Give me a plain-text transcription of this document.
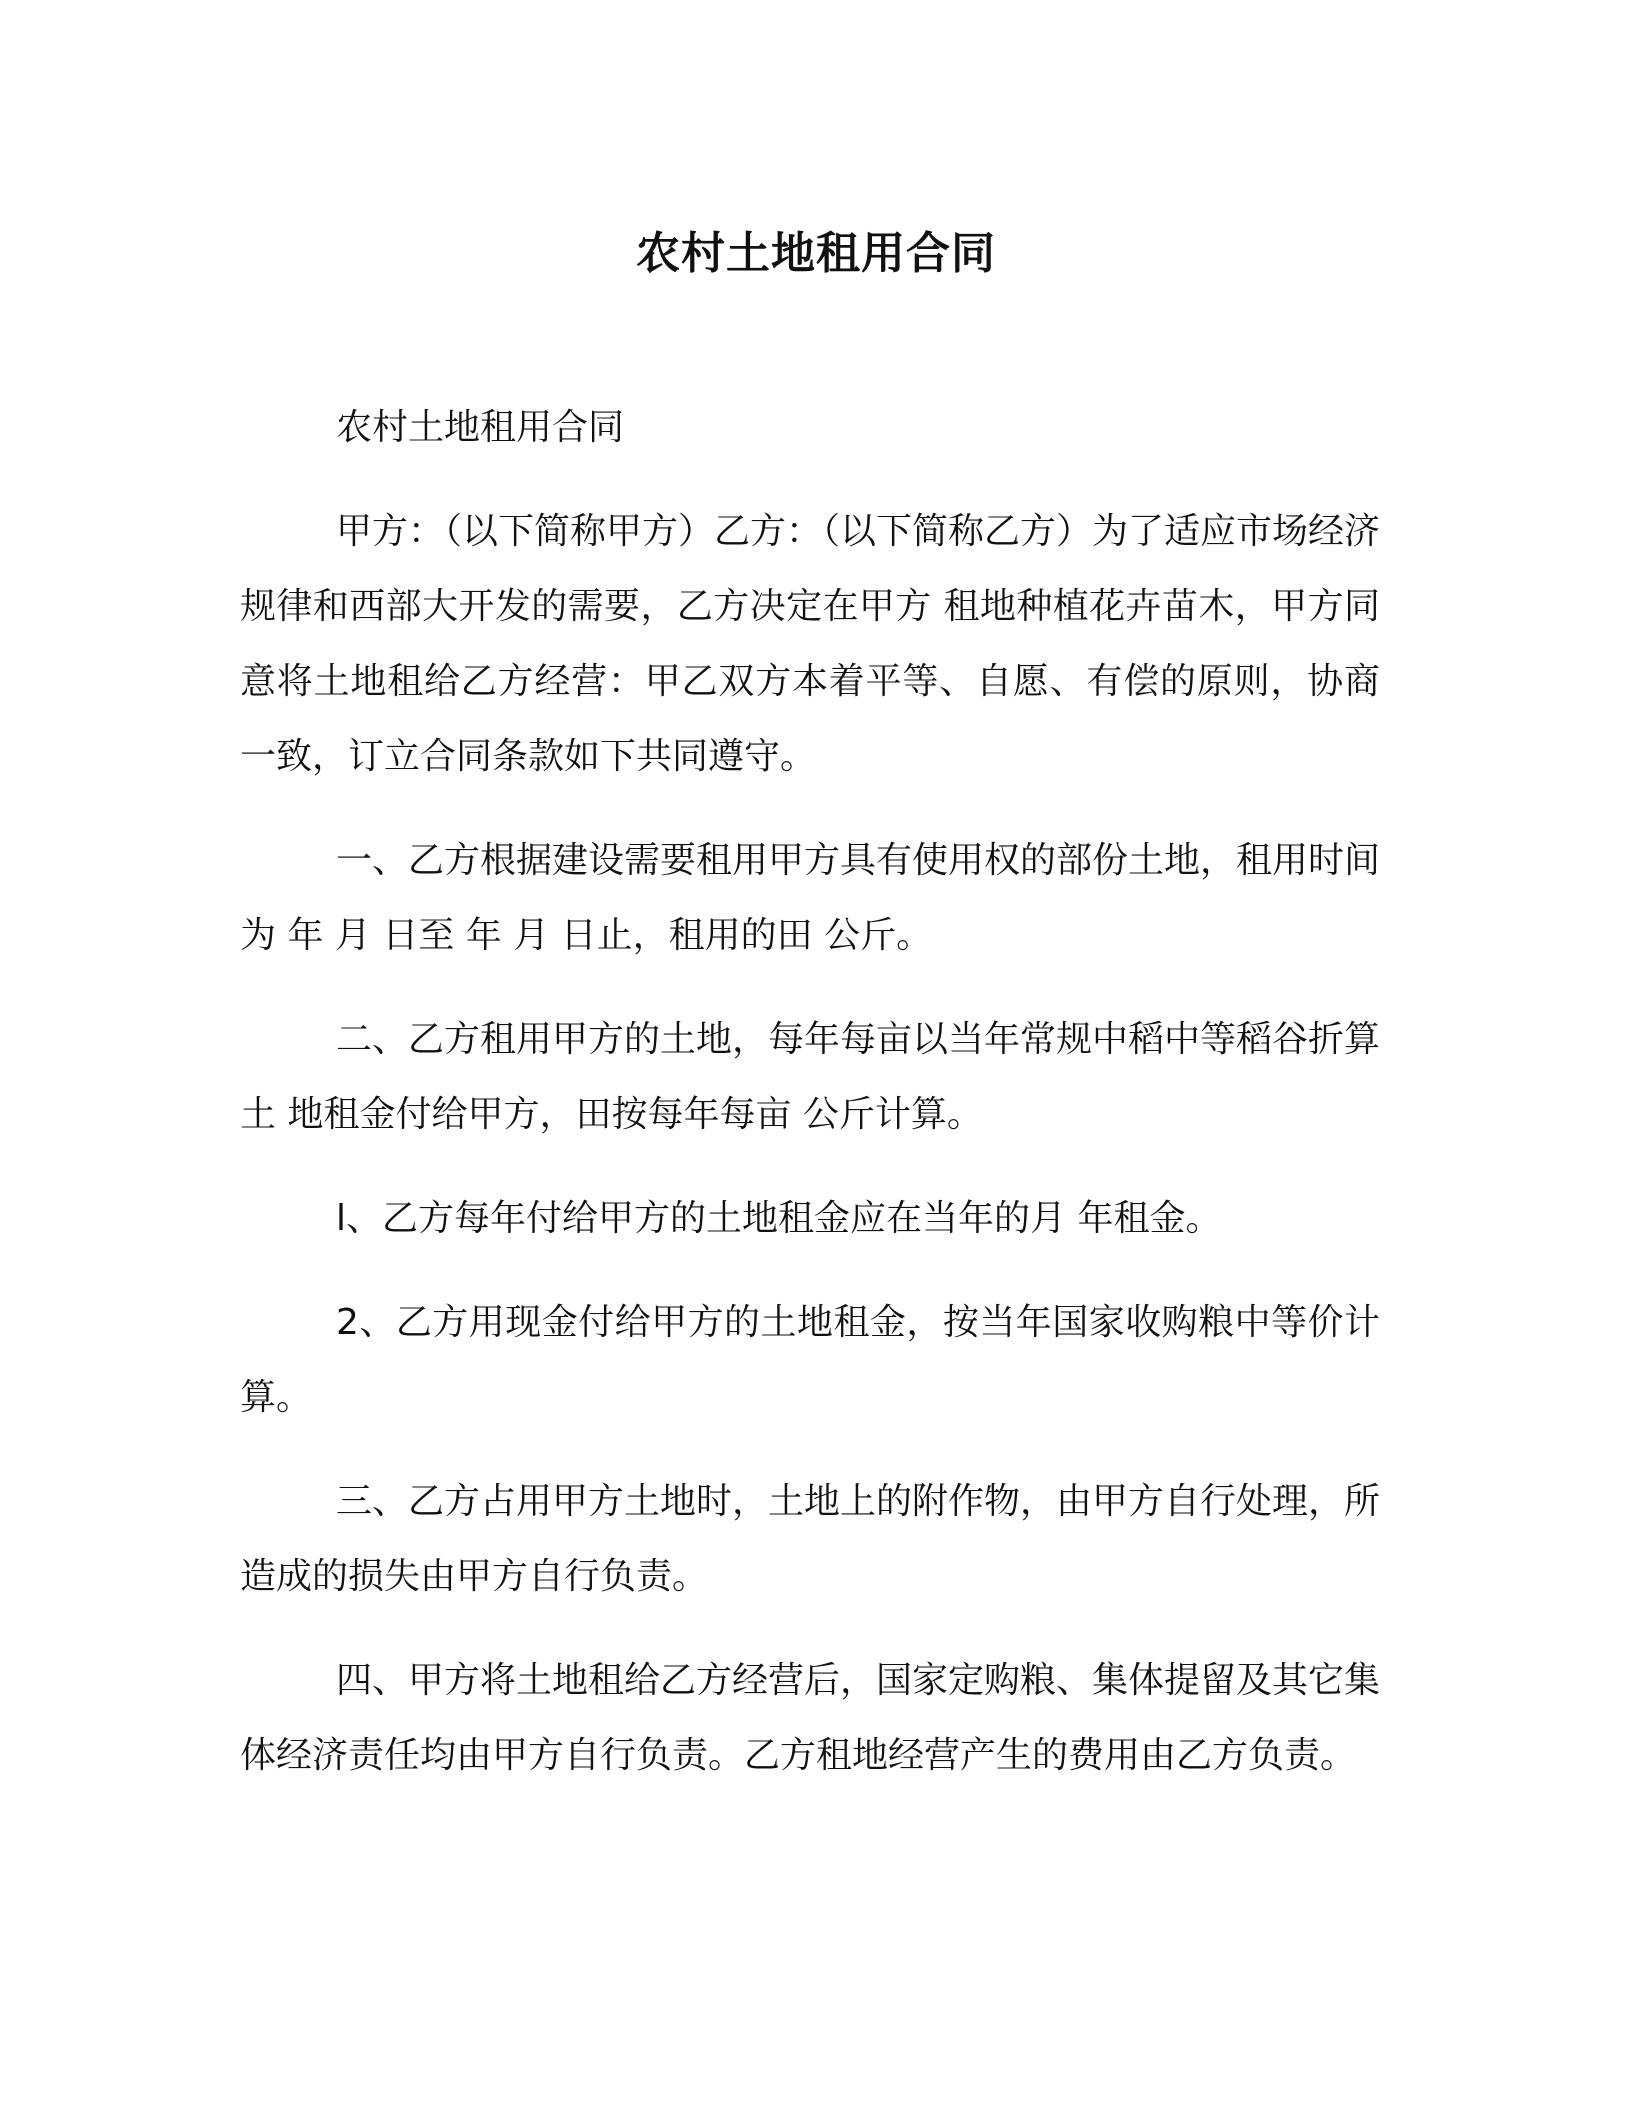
农村土地租用合同

农村土地租用合同

甲方：（以下简称甲方）乙方：（以下简称乙方）为了适应市场经济规律和西部大开发的需要，乙方决定在甲方 租地种植花卉苗木，甲方同意将土地租给乙方经营：甲乙双方本着平等、自愿、有偿的原则，协商一致，订立合同条款如下共同遵守。

一、乙方根据建设需要租用甲方具有使用权的部份土地，租用时间为 年 月 日至 年 月 日止，租用的田 公斤。

二、乙方租用甲方的土地，每年每亩以当年常规中稻中等稻谷折算土 地租金付给甲方，田按每年每亩 公斤计算。

l、乙方每年付给甲方的土地租金应在当年的月 年租金。

2、乙方用现金付给甲方的土地租金，按当年国家收购粮中等价计算。

三、乙方占用甲方土地时，土地上的附作物，由甲方自行处理，所造成的损失由甲方自行负责。

四、甲方将土地租给乙方经营后，国家定购粮、集体提留及其它集体经济责任均由甲方自行负责。乙方租地经营产生的费用由乙方负责。
